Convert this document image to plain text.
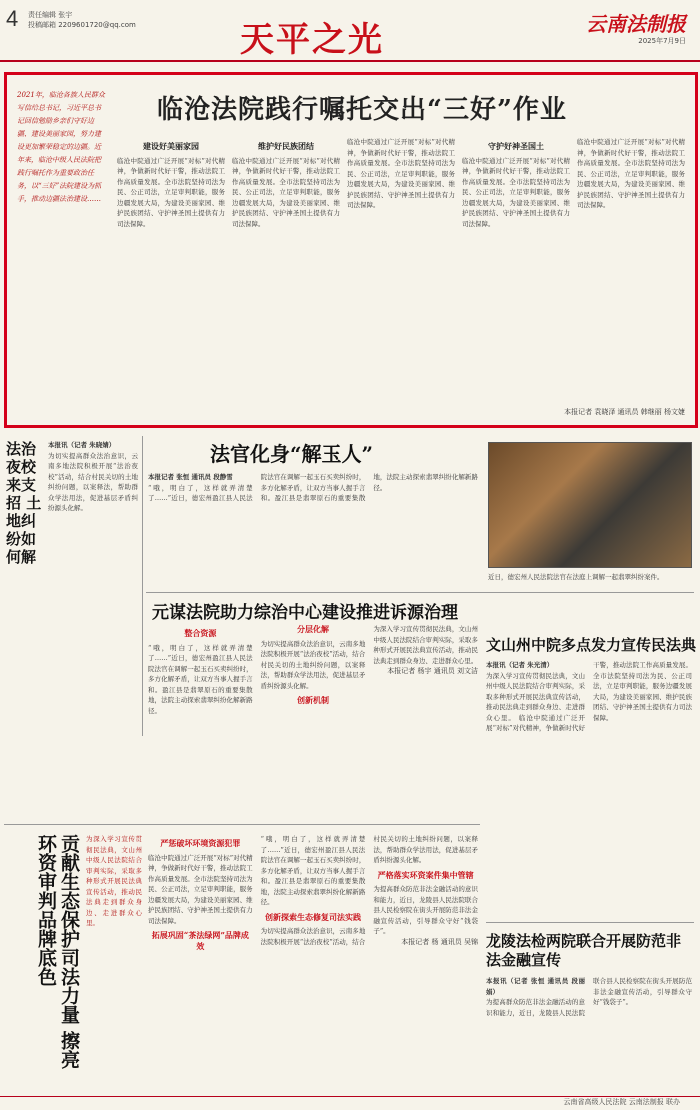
4 责任编辑 张宇
投稿邮箱 2209601720@qq.com	天平之光	云南法制报
2025年7月9日
2021年，临沧各族人民群众写信给总书记，习近平总书记回信勉励乡亲们守好边疆、建设美丽家园，努力建设更加繁荣稳定的边疆。近年来，临沧中级人民法院把践行嘱托作为重要政治任务，以“三好”法院建设为抓手，推动边疆法治建设……
临沧法院践行嘱托交出“三好”作业
建设好美丽家园
临沧中院通过广泛开展“对标”对代精神，争做新时代好干警，推动法院工作高质量发展。全市法院坚持司法为民、公正司法，立足审判职能，服务边疆发展大局，为建设美丽家园、维护民族团结、守护神圣国土提供有力司法保障。
维护好民族团结
临沧中院通过广泛开展“对标”对代精神，争做新时代好干警，推动法院工作高质量发展。全市法院坚持司法为民、公正司法，立足审判职能，服务边疆发展大局，为建设美丽家园、维护民族团结、守护神圣国土提供有力司法保障。
临沧中院通过广泛开展“对标”对代精神，争做新时代好干警，推动法院工作高质量发展。全市法院坚持司法为民、公正司法，立足审判职能，服务边疆发展大局，为建设美丽家园、维护民族团结、守护神圣国土提供有力司法保障。
守护好神圣国土
临沧中院通过广泛开展“对标”对代精神，争做新时代好干警，推动法院工作高质量发展。全市法院坚持司法为民、公正司法，立足审判职能，服务边疆发展大局，为建设美丽家园、维护民族团结、守护神圣国土提供有力司法保障。
临沧中院通过广泛开展“对标”对代精神，争做新时代好干警，推动法院工作高质量发展。全市法院坚持司法为民、公正司法，立足审判职能，服务边疆发展大局，为建设美丽家园、维护民族团结、守护神圣国土提供有力司法保障。
本报记者 袁晓泽 通讯员 韩继丽 杨文婕
法治夜校来支招 土地纠纷如何解
本报讯（记者 朱晓婧）
为切实提高群众法治意识，云南多地法院积极开展“法治夜校”活动，结合村民关切的土地纠纷问题，以案释法，帮助群众学法用法，促进基层矛盾纠纷源头化解。
法官化身“解玉人”
本报记者 张恒 通讯员 段静雪
“哦，明白了，这样就弄清楚了……”近日，德宏州盈江县人民法院法官在调解一起玉石买卖纠纷时，多方化解矛盾，让双方当事人握手言和。盈江县是翡翠原石的重要集散地，法院主动探索翡翠纠纷化解新路径。
近日，德宏州人民法院法官在法庭上调解一起翡翠纠纷案件。
元谋法院助力综治中心建设推进诉源治理
整合资源
“哦，明白了，这样就弄清楚了……”近日，德宏州盈江县人民法院法官在调解一起玉石买卖纠纷时，多方化解矛盾，让双方当事人握手言和。盈江县是翡翠原石的重要集散地，法院主动探索翡翠纠纷化解新路径。
分层化解
为切实提高群众法治意识，云南多地法院积极开展“法治夜校”活动，结合村民关切的土地纠纷问题，以案释法，帮助群众学法用法，促进基层矛盾纠纷源头化解。
创新机制
为深入学习宣传贯彻民法典，文山州中级人民法院结合审判实际，采取多种形式开展民法典宣传活动，推动民法典走到群众身边、走进群众心里。
本报记者 杨宇 通讯员 刘文洁
文山州中院多点发力宣传民法典
本报讯（记者 朱光清）
为深入学习宣传贯彻民法典，文山州中级人民法院结合审判实际，采取多种形式开展民法典宣传活动，推动民法典走到群众身边、走进群众心里。 临沧中院通过广泛开展“对标”对代精神，争做新时代好干警，推动法院工作高质量发展。全市法院坚持司法为民、公正司法，立足审判职能，服务边疆发展大局，为建设美丽家园、维护民族团结、守护神圣国土提供有力司法保障。
贡献生态保护司法力量 擦亮环资审判品牌底色	为深入学习宣传贯彻民法典，文山州中级人民法院结合审判实际，采取多种形式开展民法典宣传活动，推动民法典走到群众身边、走进群众心里。
严惩破坏环境资源犯罪
临沧中院通过广泛开展“对标”对代精神，争做新时代好干警，推动法院工作高质量发展。全市法院坚持司法为民、公正司法，立足审判职能，服务边疆发展大局，为建设美丽家园、维护民族团结、守护神圣国土提供有力司法保障。
拓展巩固“茶法绿网”品牌成效
“哦，明白了，这样就弄清楚了……”近日，德宏州盈江县人民法院法官在调解一起玉石买卖纠纷时，多方化解矛盾，让双方当事人握手言和。盈江县是翡翠原石的重要集散地，法院主动探索翡翠纠纷化解新路径。
创新探索生态修复司法实践
为切实提高群众法治意识，云南多地法院积极开展“法治夜校”活动，结合村民关切的土地纠纷问题，以案释法，帮助群众学法用法，促进基层矛盾纠纷源头化解。
严格落实环资案件集中管辖
为提高群众防范非法金融活动的意识和能力，近日，龙陵县人民法院联合县人民检察院在街头开展防范非法金融宣传活动，引导群众守好“钱袋子”。
本报记者 杨 通讯员 吴锦 龙陵法检两院联合开展防范非法金融宣传
本报讯（记者 张恒 通讯员 段丽娟）
为提高群众防范非法金融活动的意识和能力，近日，龙陵县人民法院联合县人民检察院在街头开展防范非法金融宣传活动，引导群众守好“钱袋子”。
云南省高级人民法院 云南法制报 联办
